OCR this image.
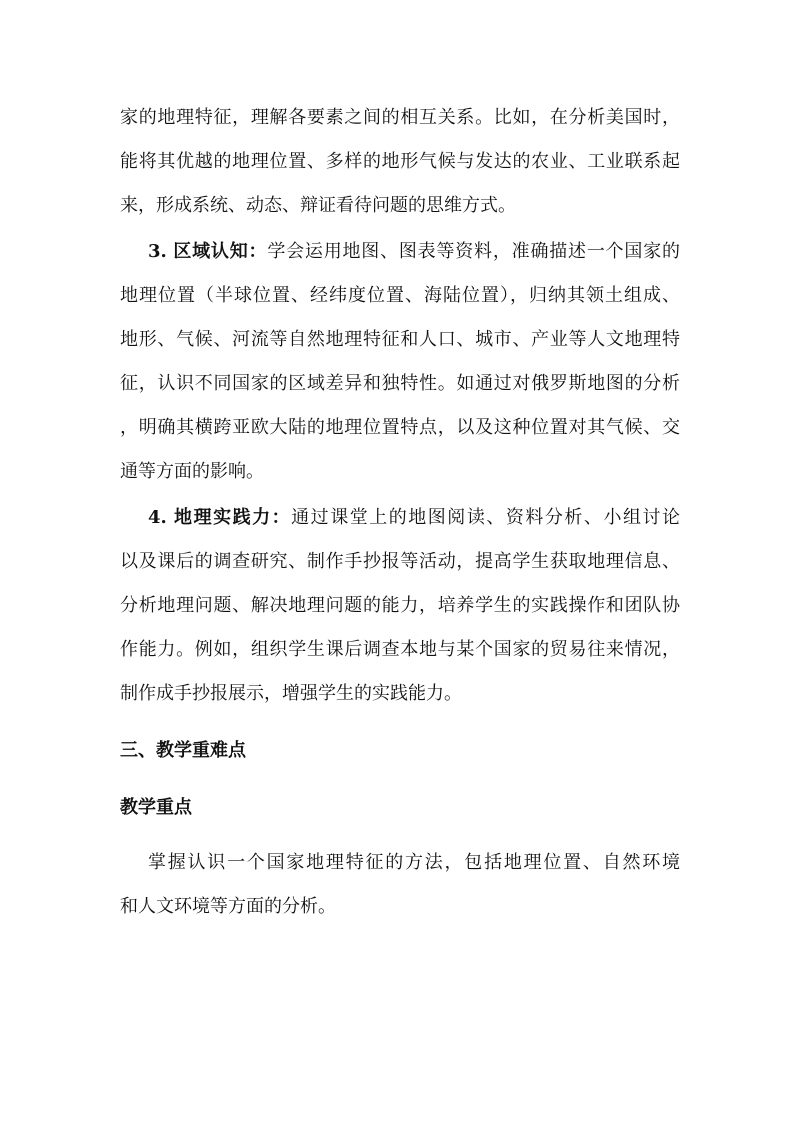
家的地理特征，理解各要素之间的相互关系。比如，在分析美国时，
能将其优越的地理位置、多样的地形气候与发达的农业、工业联系起
来，形成系统、动态、辩证看待问题的思维方式。
3. 区域认知：学会运用地图、图表等资料，准确描述一个国家的
地理位置（半球位置、经纬度位置、海陆位置），归纳其领土组成、
地形、气候、河流等自然地理特征和人口、城市、产业等人文地理特
征，认识不同国家的区域差异和独特性。如通过对俄罗斯地图的分析
，明确其横跨亚欧大陆的地理位置特点，以及这种位置对其气候、交
通等方面的影响。
4. 地理实践力：通过课堂上的地图阅读、资料分析、小组讨论
以及课后的调查研究、制作手抄报等活动，提高学生获取地理信息、
分析地理问题、解决地理问题的能力，培养学生的实践操作和团队协
作能力。例如，组织学生课后调查本地与某个国家的贸易往来情况，
制作成手抄报展示，增强学生的实践能力。
三、教学重难点
教学重点
掌握认识一个国家地理特征的方法，包括地理位置、自然环境
和人文环境等方面的分析。
